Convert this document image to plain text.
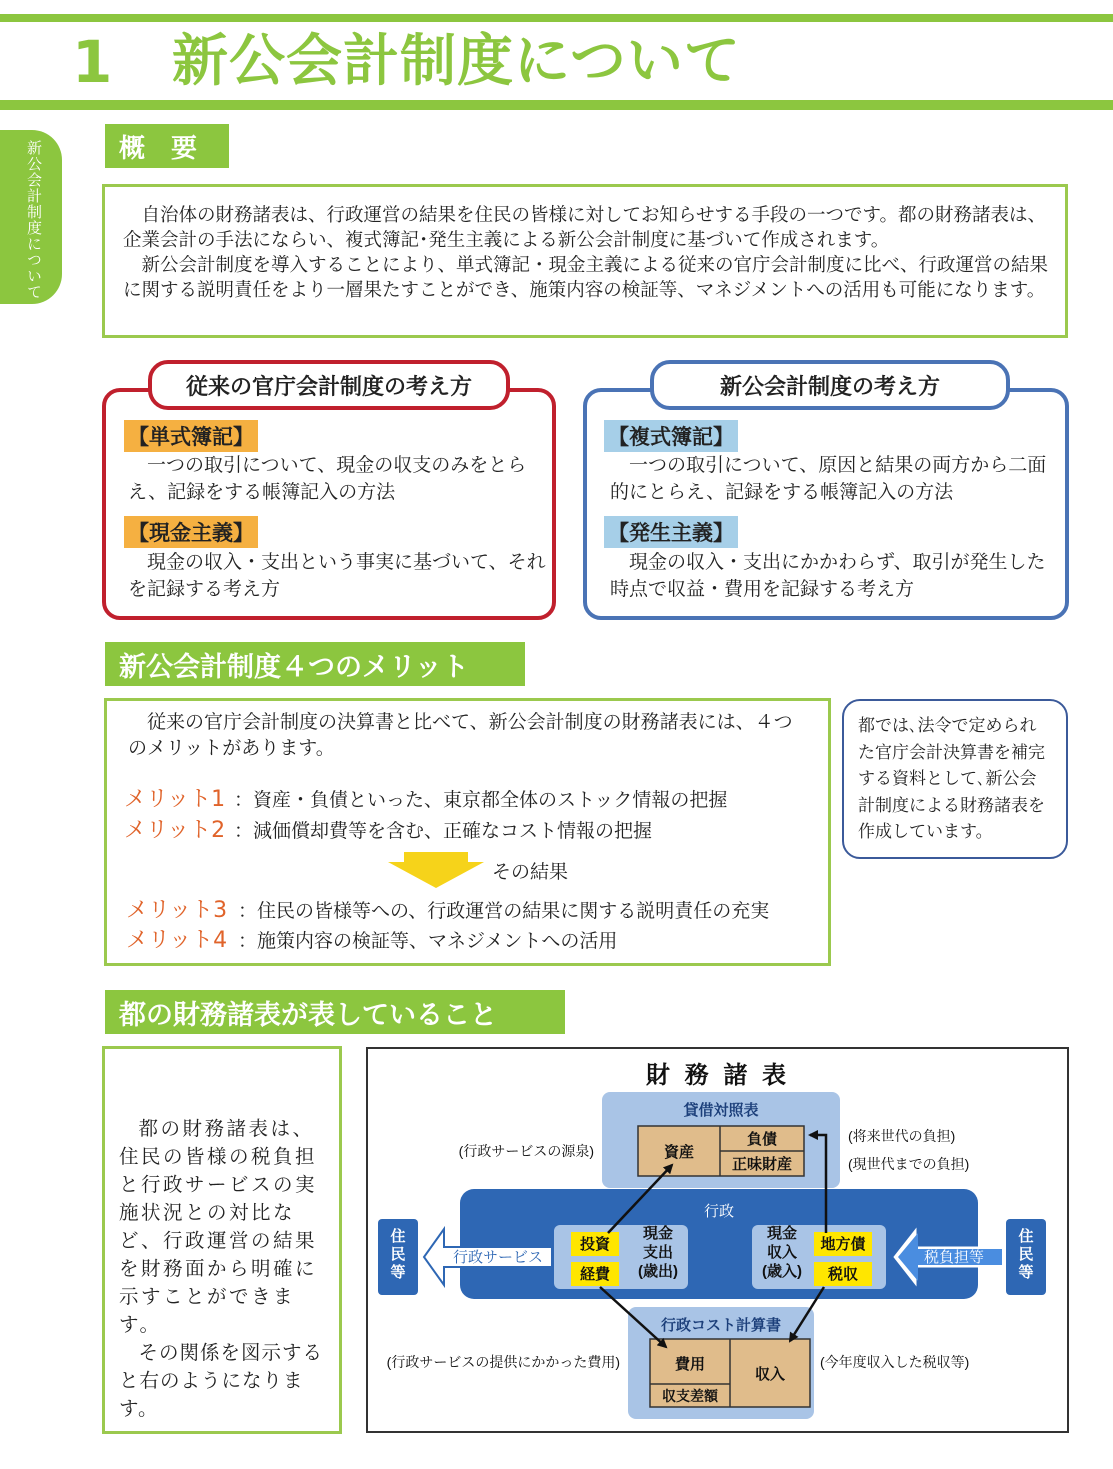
1 新公会計制度について
新公会計制度について	概　要

自治体の財務諸表は、行政運営の結果を住民の皆様に対してお知らせする手段の一つです。都の財務諸表は、企業会計の手法にならい、複式簿記･発生主義による新公会計制度に基づいて作成されます。

新公会計制度を導入することにより、単式簿記・現金主義による従来の官庁会計制度に比べ、行政運営の結果に関する説明責任をより一層果たすことができ、施策内容の検証等、マネジメントへの活用も可能になります。

従来の官庁会計制度の考え方
【単式簿記】
一つの取引について、現金の収支のみをとらえ、記録をする帳簿記入の方法
【現金主義】
現金の収入・支出という事実に基づいて、それを記録する考え方
新公会計制度の考え方
【複式簿記】
一つの取引について、原因と結果の両方から二面的にとらえ、記録をする帳簿記入の方法
【発生主義】
現金の収入・支出にかかわらず、取引が発生した時点で収益・費用を記録する考え方
新公会計制度４つのメリット
従来の官庁会計制度の決算書と比べて、新公会計制度の財務諸表には、４つのメリットがあります。
メリット1 ：資産・負債といった、東京都全体のストック情報の把握
メリット2 ：減価償却費等を含む、正確なコスト情報の把握
その結果
メリット3 ：住民の皆様等への、行政運営の結果に関する説明責任の充実
メリット4 ：施策内容の検証等、マネジメントへの活用
都では､法令で定められた官庁会計決算書を補完する資料として､新公会計制度による財務諸表を作成しています。
都の財務諸表が表していること

都の財務諸表は、住民の皆様の税負担と行政サービスの実施状況との対比など、行政運営の結果を財務面から明確に示すことができます。

その関係を図示すると右のようになります。

財 務 諸 表
貸借対照表
資産
負債
正味財産
(行政サービスの源泉)
(将来世代の負担)
(現世代までの負担)
行政
投資
経費
現金支出(歳出)
現金収入(歳入)
地方債
税収
行政サービス	税負担等
住民等
住民等
行政コスト計算書
費用
収支差額
収入
(行政サービスの提供にかかった費用)	(今年度収入した税収等)
